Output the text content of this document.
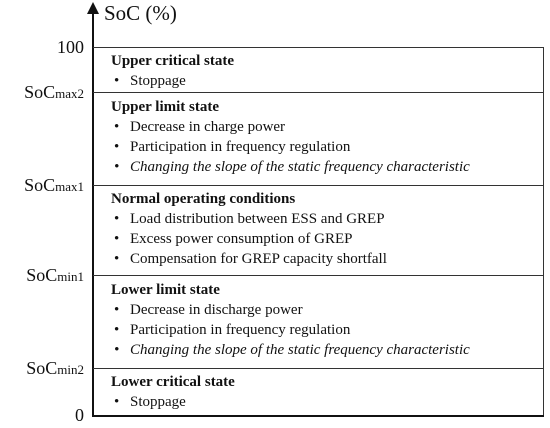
SoC (%)
100
SoCmax2
SoCmax1
SoCmin1
SoCmin2
0
Upper critical state
• Stoppage
Upper limit state
• Decrease in charge power
• Participation in frequency regulation
• Changing the slope of the static frequency characteristic
Normal operating conditions
• Load distribution between ESS and GREP
• Excess power consumption of GREP
• Compensation for GREP capacity shortfall
Lower limit state
• Decrease in discharge power
• Participation in frequency regulation
• Changing the slope of the static frequency characteristic
Lower critical state
• Stoppage
